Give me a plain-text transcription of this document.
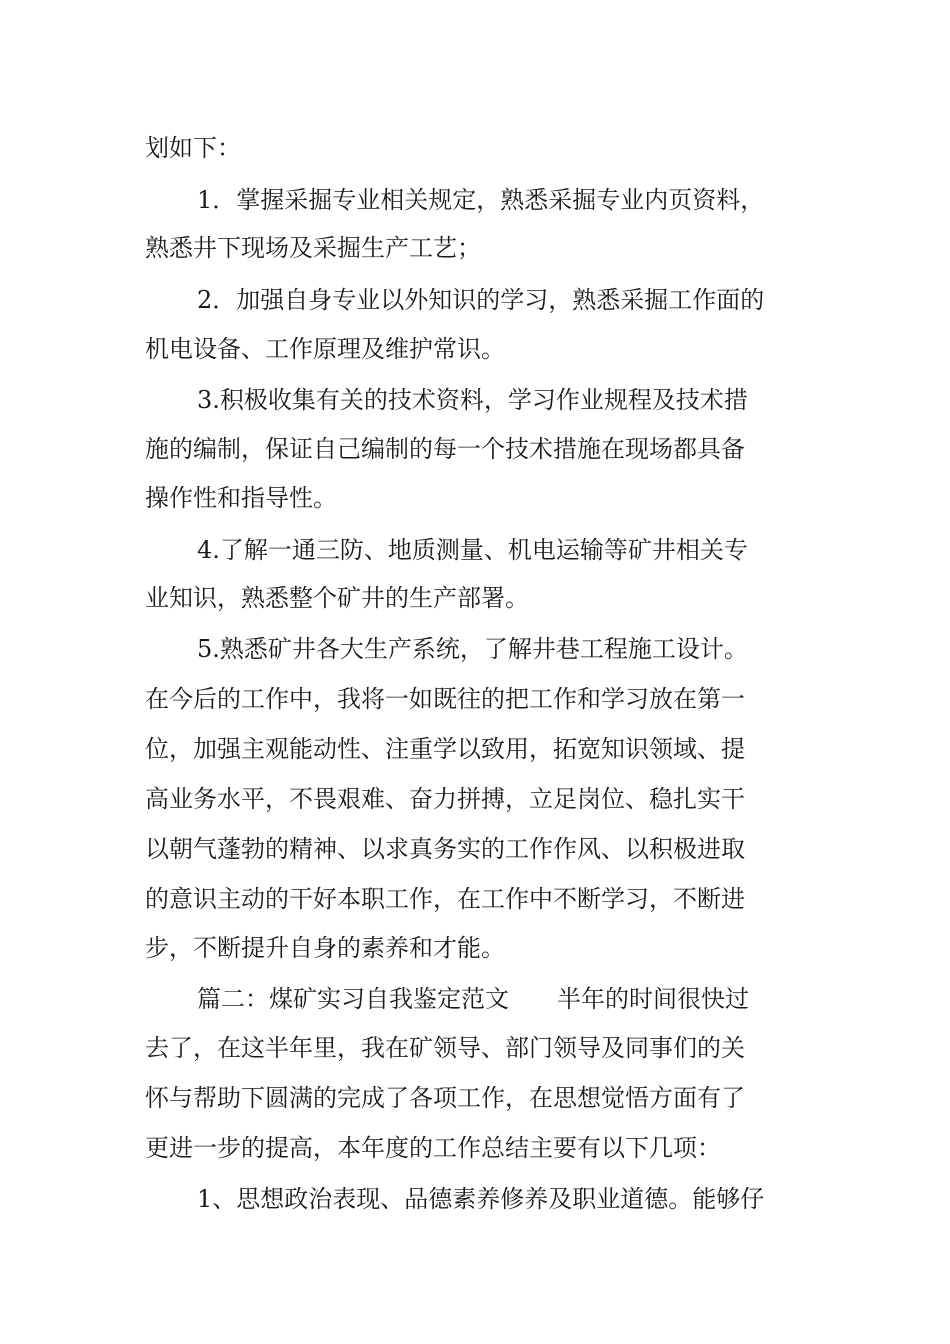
划如下：
1．掌握采掘专业相关规定，熟悉采掘专业内页资料，
熟悉井下现场及采掘生产工艺；
2．加强自身专业以外知识的学习，熟悉采掘工作面的
机电设备、工作原理及维护常识。
3.积极收集有关的技术资料，学习作业规程及技术措
施的编制，保证自己编制的每一个技术措施在现场都具备
操作性和指导性。
4.了解一通三防、地质测量、机电运输等矿井相关专
业知识，熟悉整个矿井的生产部署。
5.熟悉矿井各大生产系统，了解井巷工程施工设计。
在今后的工作中，我将一如既往的把工作和学习放在第一
位，加强主观能动性、注重学以致用，拓宽知识领域、提
高业务水平，不畏艰难、奋力拼搏，立足岗位、稳扎实干
以朝气蓬勃的精神、以求真务实的工作作风、以积极进取
的意识主动的干好本职工作，在工作中不断学习，不断进
步，不断提升自身的素养和才能。
篇二：煤矿实习自我鉴定范文　　半年的时间很快过
去了，在这半年里，我在矿领导、部门领导及同事们的关
怀与帮助下圆满的完成了各项工作，在思想觉悟方面有了
更进一步的提高，本年度的工作总结主要有以下几项：
1、思想政治表现、品德素养修养及职业道德。能够仔
